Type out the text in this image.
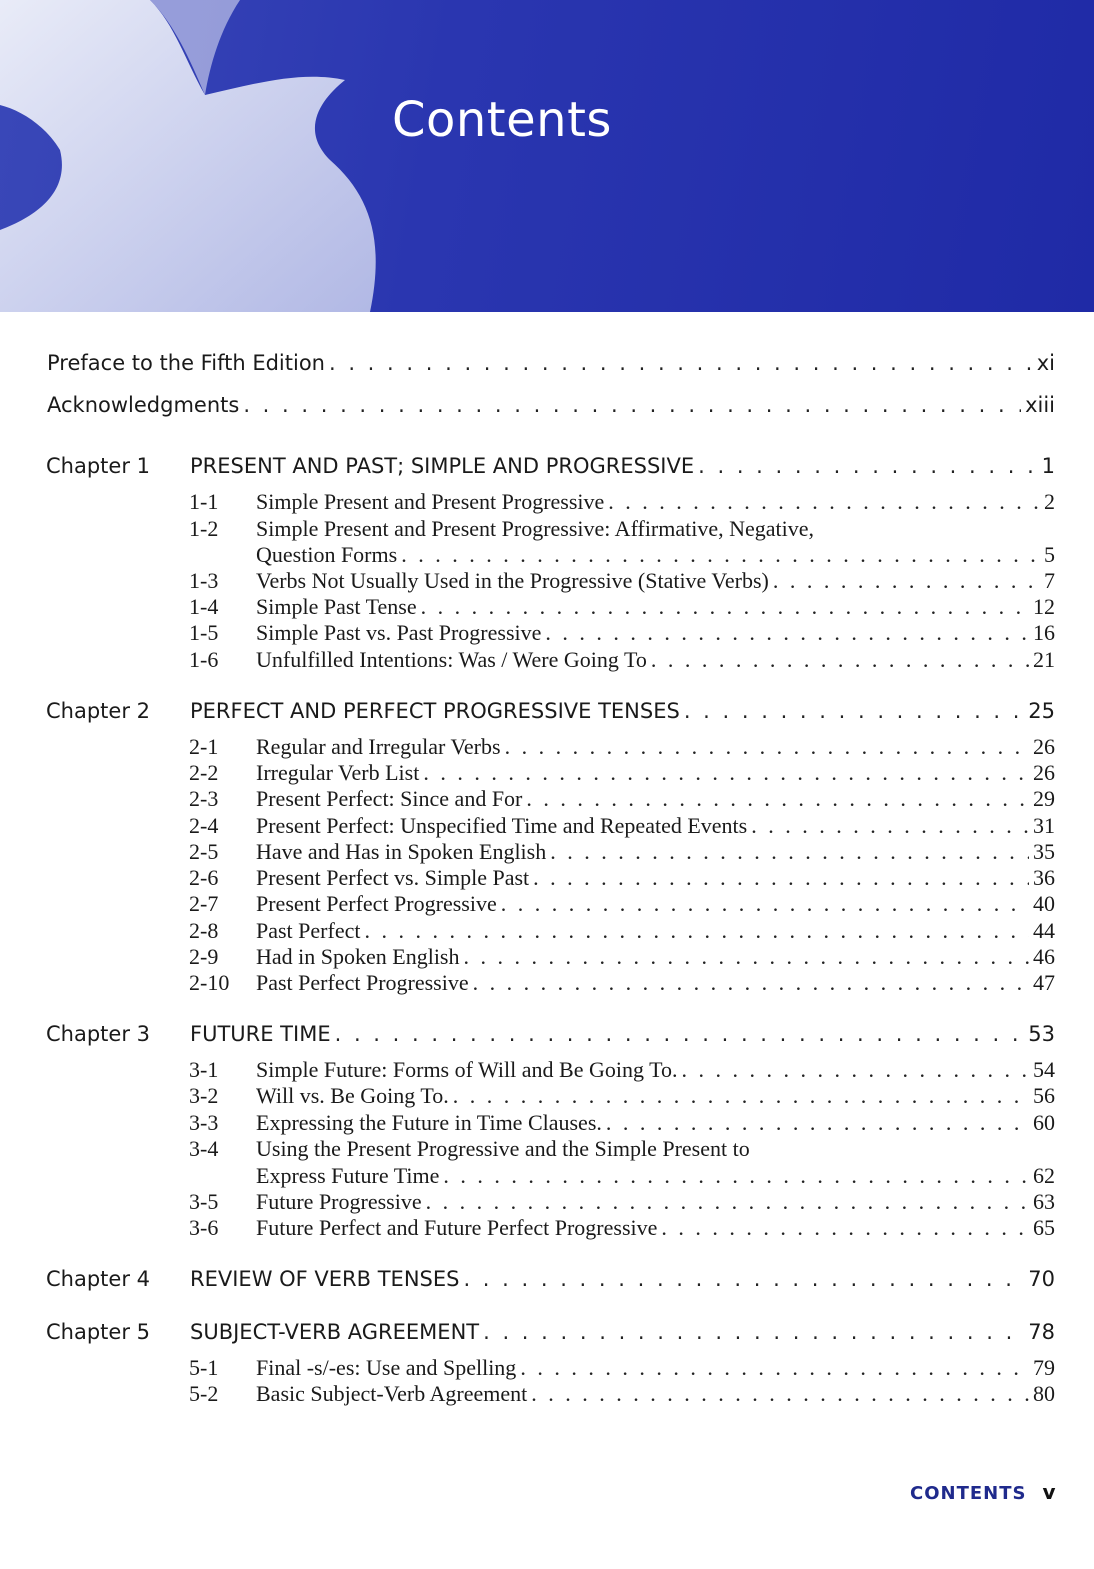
Contents
Preface to the Fifth Edition . . .	xi
Acknowledgments . . .	xiii
Chapter 1 PRESENT AND PAST; SIMPLE AND PROGRESSIVE . . .	1
1-1 Simple Present and Present Progressive . . .	2
1-2 Simple Present and Present Progressive: Affirmative, Negative,
Question Forms . . .	5
1-3 Verbs Not Usually Used in the Progressive (Stative Verbs) . . .	7
1-4 Simple Past Tense . . .	12
1-5 Simple Past vs. Past Progressive . . .	16
1-6 Unfulfilled Intentions: Was / Were Going To . . .	21
Chapter 2 PERFECT AND PERFECT PROGRESSIVE TENSES . . .	25
2-1 Regular and Irregular Verbs . . .	26
2-2 Irregular Verb List . . .	26
2-3 Present Perfect: Since and For . . .	29
2-4 Present Perfect: Unspecified Time and Repeated Events . . .	31
2-5 Have and Has in Spoken English . . .	35
2-6 Present Perfect vs. Simple Past . . .	36
2-7 Present Perfect Progressive . . .	40
2-8 Past Perfect . . .	44
2-9 Had in Spoken English . . .	46
2-10 Past Perfect Progressive . . .	47
Chapter 3 FUTURE TIME . . .	53
3-1 Simple Future: Forms of Will and Be Going To. . . .	54
3-2 Will vs. Be Going To. . . .	56
3-3 Expressing the Future in Time Clauses. . . .	60
3-4 Using the Present Progressive and the Simple Present to
Express Future Time . . .	62
3-5 Future Progressive . . .	63
3-6 Future Perfect and Future Perfect Progressive . . .	65
Chapter 4 REVIEW OF VERB TENSES . . .	70
Chapter 5 SUBJECT-VERB AGREEMENT . . .	78
5-1 Final -s/-es: Use and Spelling . . .	79
5-2 Basic Subject-Verb Agreement . . .	80
CONTENTS v
